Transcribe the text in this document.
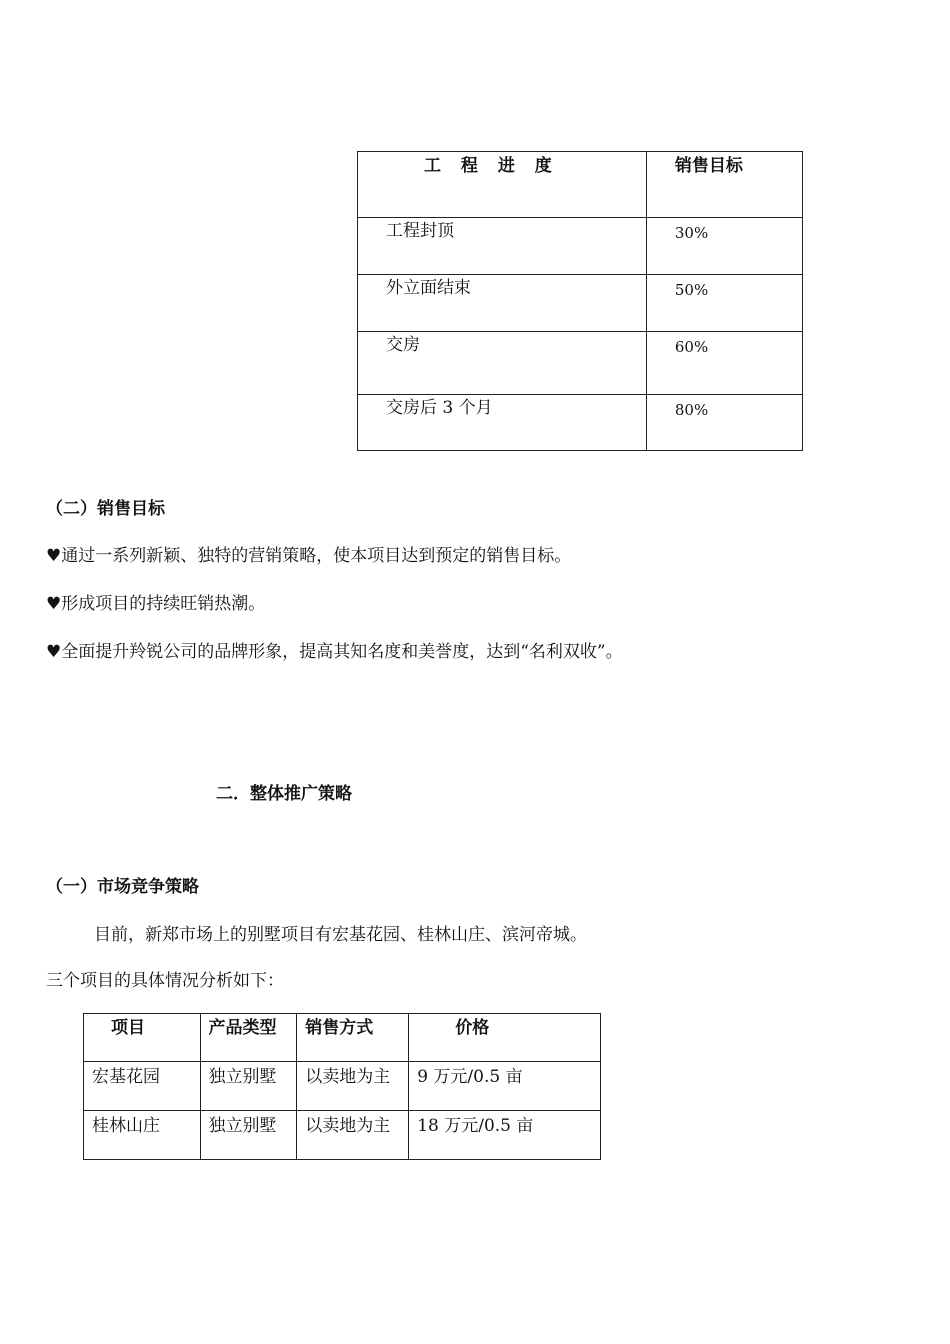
工 程 进 度	销售目标
工程封顶	30%
外立面结束	50%
交房	60%
交房后 3 个月	80%
（二）销售目标
♥通过一系列新颖、独特的营销策略，使本项目达到预定的销售目标。
♥形成项目的持续旺销热潮。
♥全面提升羚锐公司的品牌形象，提高其知名度和美誉度，达到“名利双收”。
二．整体推广策略
（一）市场竞争策略
目前，新郑市场上的别墅项目有宏基花园、桂林山庄、滨河帝城。
三个项目的具体情况分析如下：
项目	产品类型	销售方式	价格
宏基花园	独立别墅	以卖地为主	9 万元/0.5 亩
桂林山庄	独立别墅	以卖地为主	18 万元/0.5 亩
